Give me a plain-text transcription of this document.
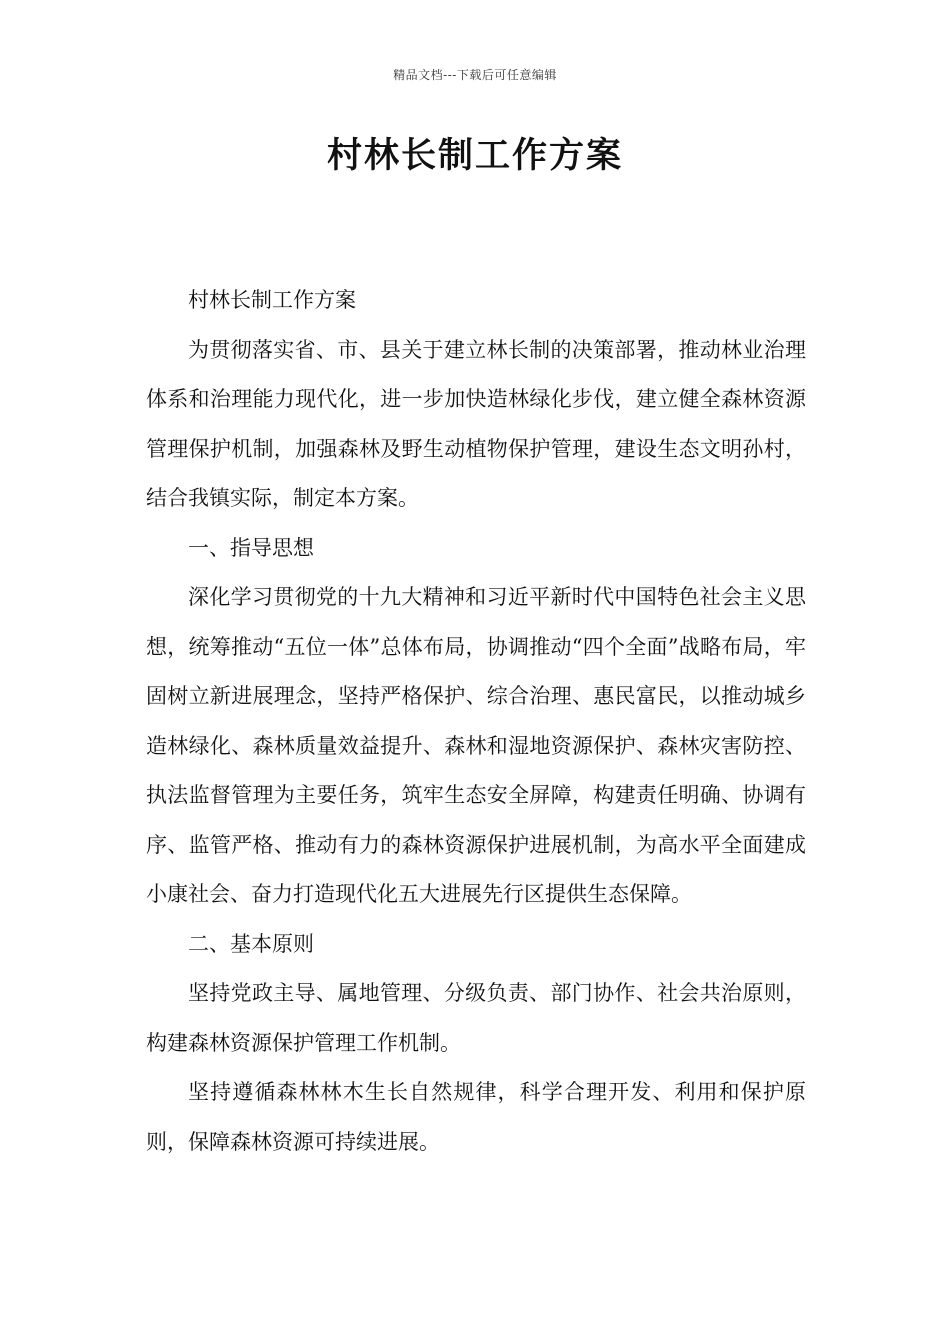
精品文档---下载后可任意编辑
村林长制工作方案

村林长制工作方案

为贯彻落实省、市、县关于建立林长制的决策部署，推动林业治理体系和治理能力现代化，进一步加快造林绿化步伐，建立健全森林资源管理保护机制，加强森林及野生动植物保护管理，建设生态文明孙村，结合我镇实际，制定本方案。

一、指导思想

深化学习贯彻党的十九大精神和习近平新时代中国特色社会主义思想，统筹推动“五位一体”总体布局，协调推动“四个全面”战略布局，牢固树立新进展理念，坚持严格保护、综合治理、惠民富民，以推动城乡造林绿化、森林质量效益提升、森林和湿地资源保护、森林灾害防控、执法监督管理为主要任务，筑牢生态安全屏障，构建责任明确、协调有序、监管严格、推动有力的森林资源保护进展机制，为高水平全面建成小康社会、奋力打造现代化五大进展先行区提供生态保障。

二、基本原则

坚持党政主导、属地管理、分级负责、部门协作、社会共治原则，构建森林资源保护管理工作机制。

坚持遵循森林林木生长自然规律，科学合理开发、利用和保护原则，保障森林资源可持续进展。
